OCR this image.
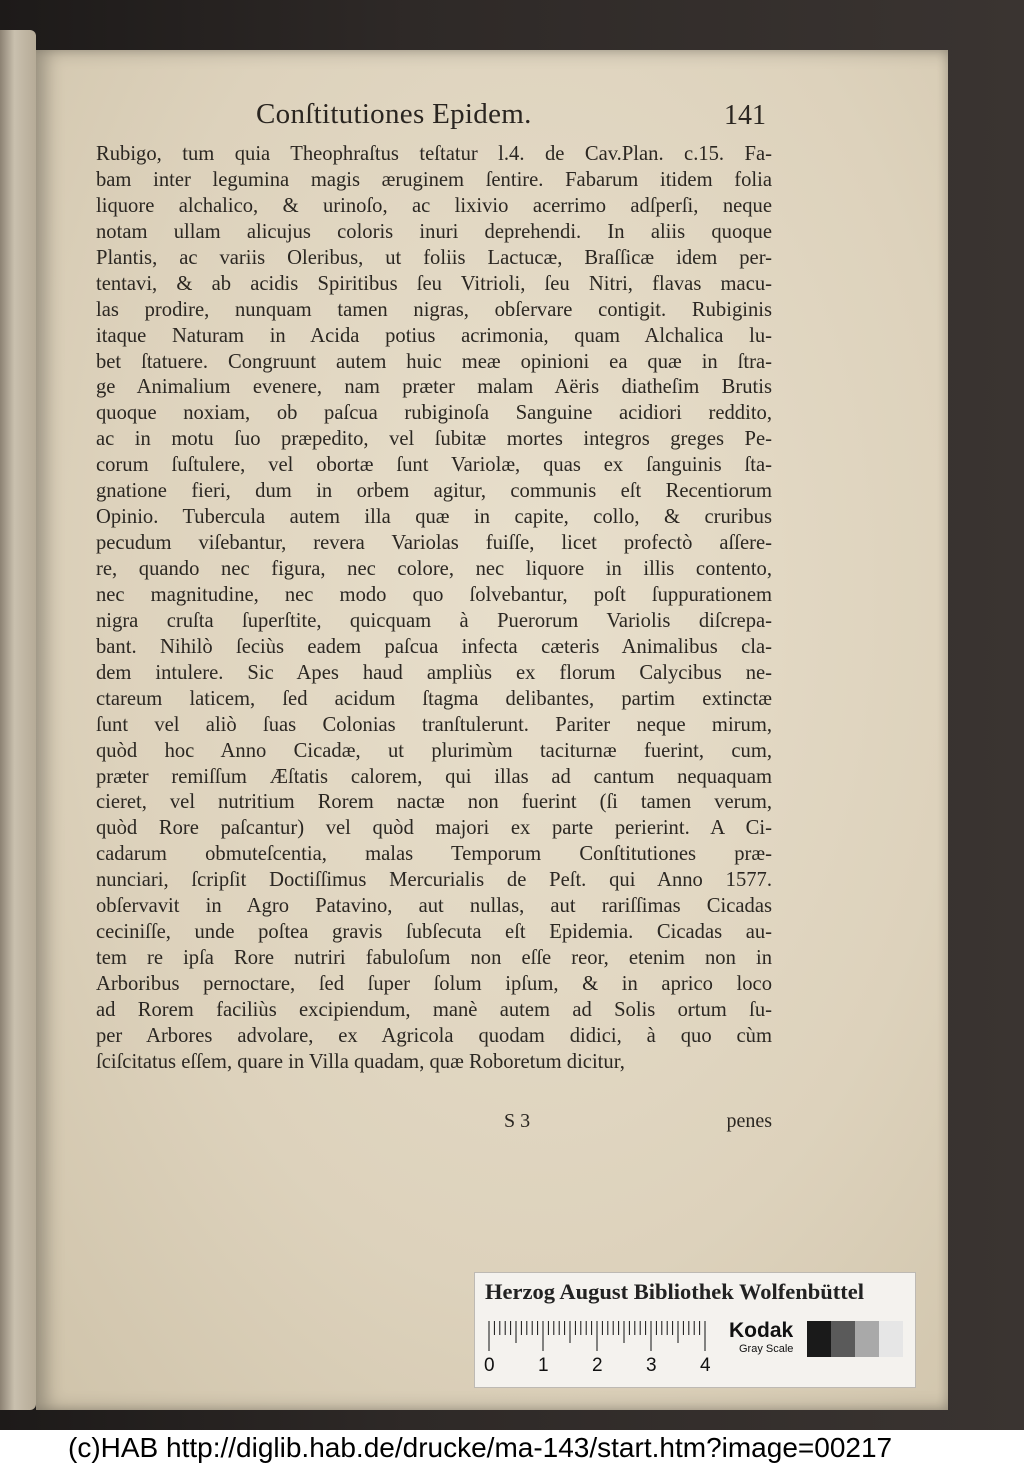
Conſtitutiones Epidem.	141
Rubigo, tum quia Theophraſtus teſtatur l.4. de Cav.Plan. c.15. Fa-
bam inter legumina magis æruginem ſentire. Fabarum itidem folia
liquore alchalico, & urinoſo, ac lixivio acerrimo adſperſi, neque
notam ullam alicujus coloris inuri deprehendi. In aliis quoque
Plantis, ac variis Oleribus, ut foliis Lactucæ, Braſſicæ idem per-
tentavi, & ab acidis Spiritibus ſeu Vitrioli, ſeu Nitri, flavas macu-
las prodire, nunquam tamen nigras, obſervare contigit. Rubiginis
itaque Naturam in Acida potius acrimonia, quam Alchalica lu-
bet ſtatuere. Congruunt autem huic meæ opinioni ea quæ in ſtra-
ge Animalium evenere, nam præter malam Aëris diatheſim Brutis
quoque noxiam, ob paſcua rubiginoſa Sanguine acidiori reddito,
ac in motu ſuo præpedito, vel ſubitæ mortes integros greges Pe-
corum ſuſtulere, vel obortæ ſunt Variolæ, quas ex ſanguinis ſta-
gnatione fieri, dum in orbem agitur, communis eſt Recentiorum
Opinio. Tubercula autem illa quæ in capite, collo, & cruribus
pecudum viſebantur, revera Variolas fuiſſe, licet profectò aſſere-
re, quando nec figura, nec colore, nec liquore in illis contento,
nec magnitudine, nec modo quo ſolvebantur, poſt ſuppurationem
nigra cruſta ſuperſtite, quicquam à Puerorum Variolis diſcrepa-
bant. Nihilò ſeciùs eadem paſcua infecta cæteris Animalibus cla-
dem intulere. Sic Apes haud ampliùs ex florum Calycibus ne-
ctareum laticem, ſed acidum ſtagma delibantes, partim extinctæ
ſunt vel aliò ſuas Colonias tranſtulerunt. Pariter neque mirum,
quòd hoc Anno Cicadæ, ut plurimùm taciturnæ fuerint, cum,
præter remiſſum Æſtatis calorem, qui illas ad cantum nequaquam
cieret, vel nutritium Rorem nactæ non fuerint (ſi tamen verum,
quòd Rore paſcantur) vel quòd majori ex parte perierint. A Ci-
cadarum obmuteſcentia, malas Temporum Conſtitutiones præ-
nunciari, ſcripſit Doctiſſimus Mercurialis de Peſt. qui Anno 1577.
obſervavit in Agro Patavino, aut nullas, aut rariſſimas Cicadas
ceciniſſe, unde poſtea gravis ſubſecuta eſt Epidemia. Cicadas au-
tem re ipſa Rore nutriri fabuloſum non eſſe reor, etenim non in
Arboribus pernoctare, ſed ſuper ſolum ipſum, & in aprico loco
ad Rorem faciliùs excipiendum, manè autem ad Solis ortum ſu-
per Arbores advolare, ex Agricola quodam didici, à quo cùm
ſciſcitatus eſſem, quare in Villa quadam, quæ Roboretum dicitur,
S 3	penes
Herzog August Bibliothek Wolfenbüttel
0 1 2 3 4
Kodak
Gray Scale
(c)HAB http://diglib.hab.de/drucke/ma-143/start.htm?image=00217
